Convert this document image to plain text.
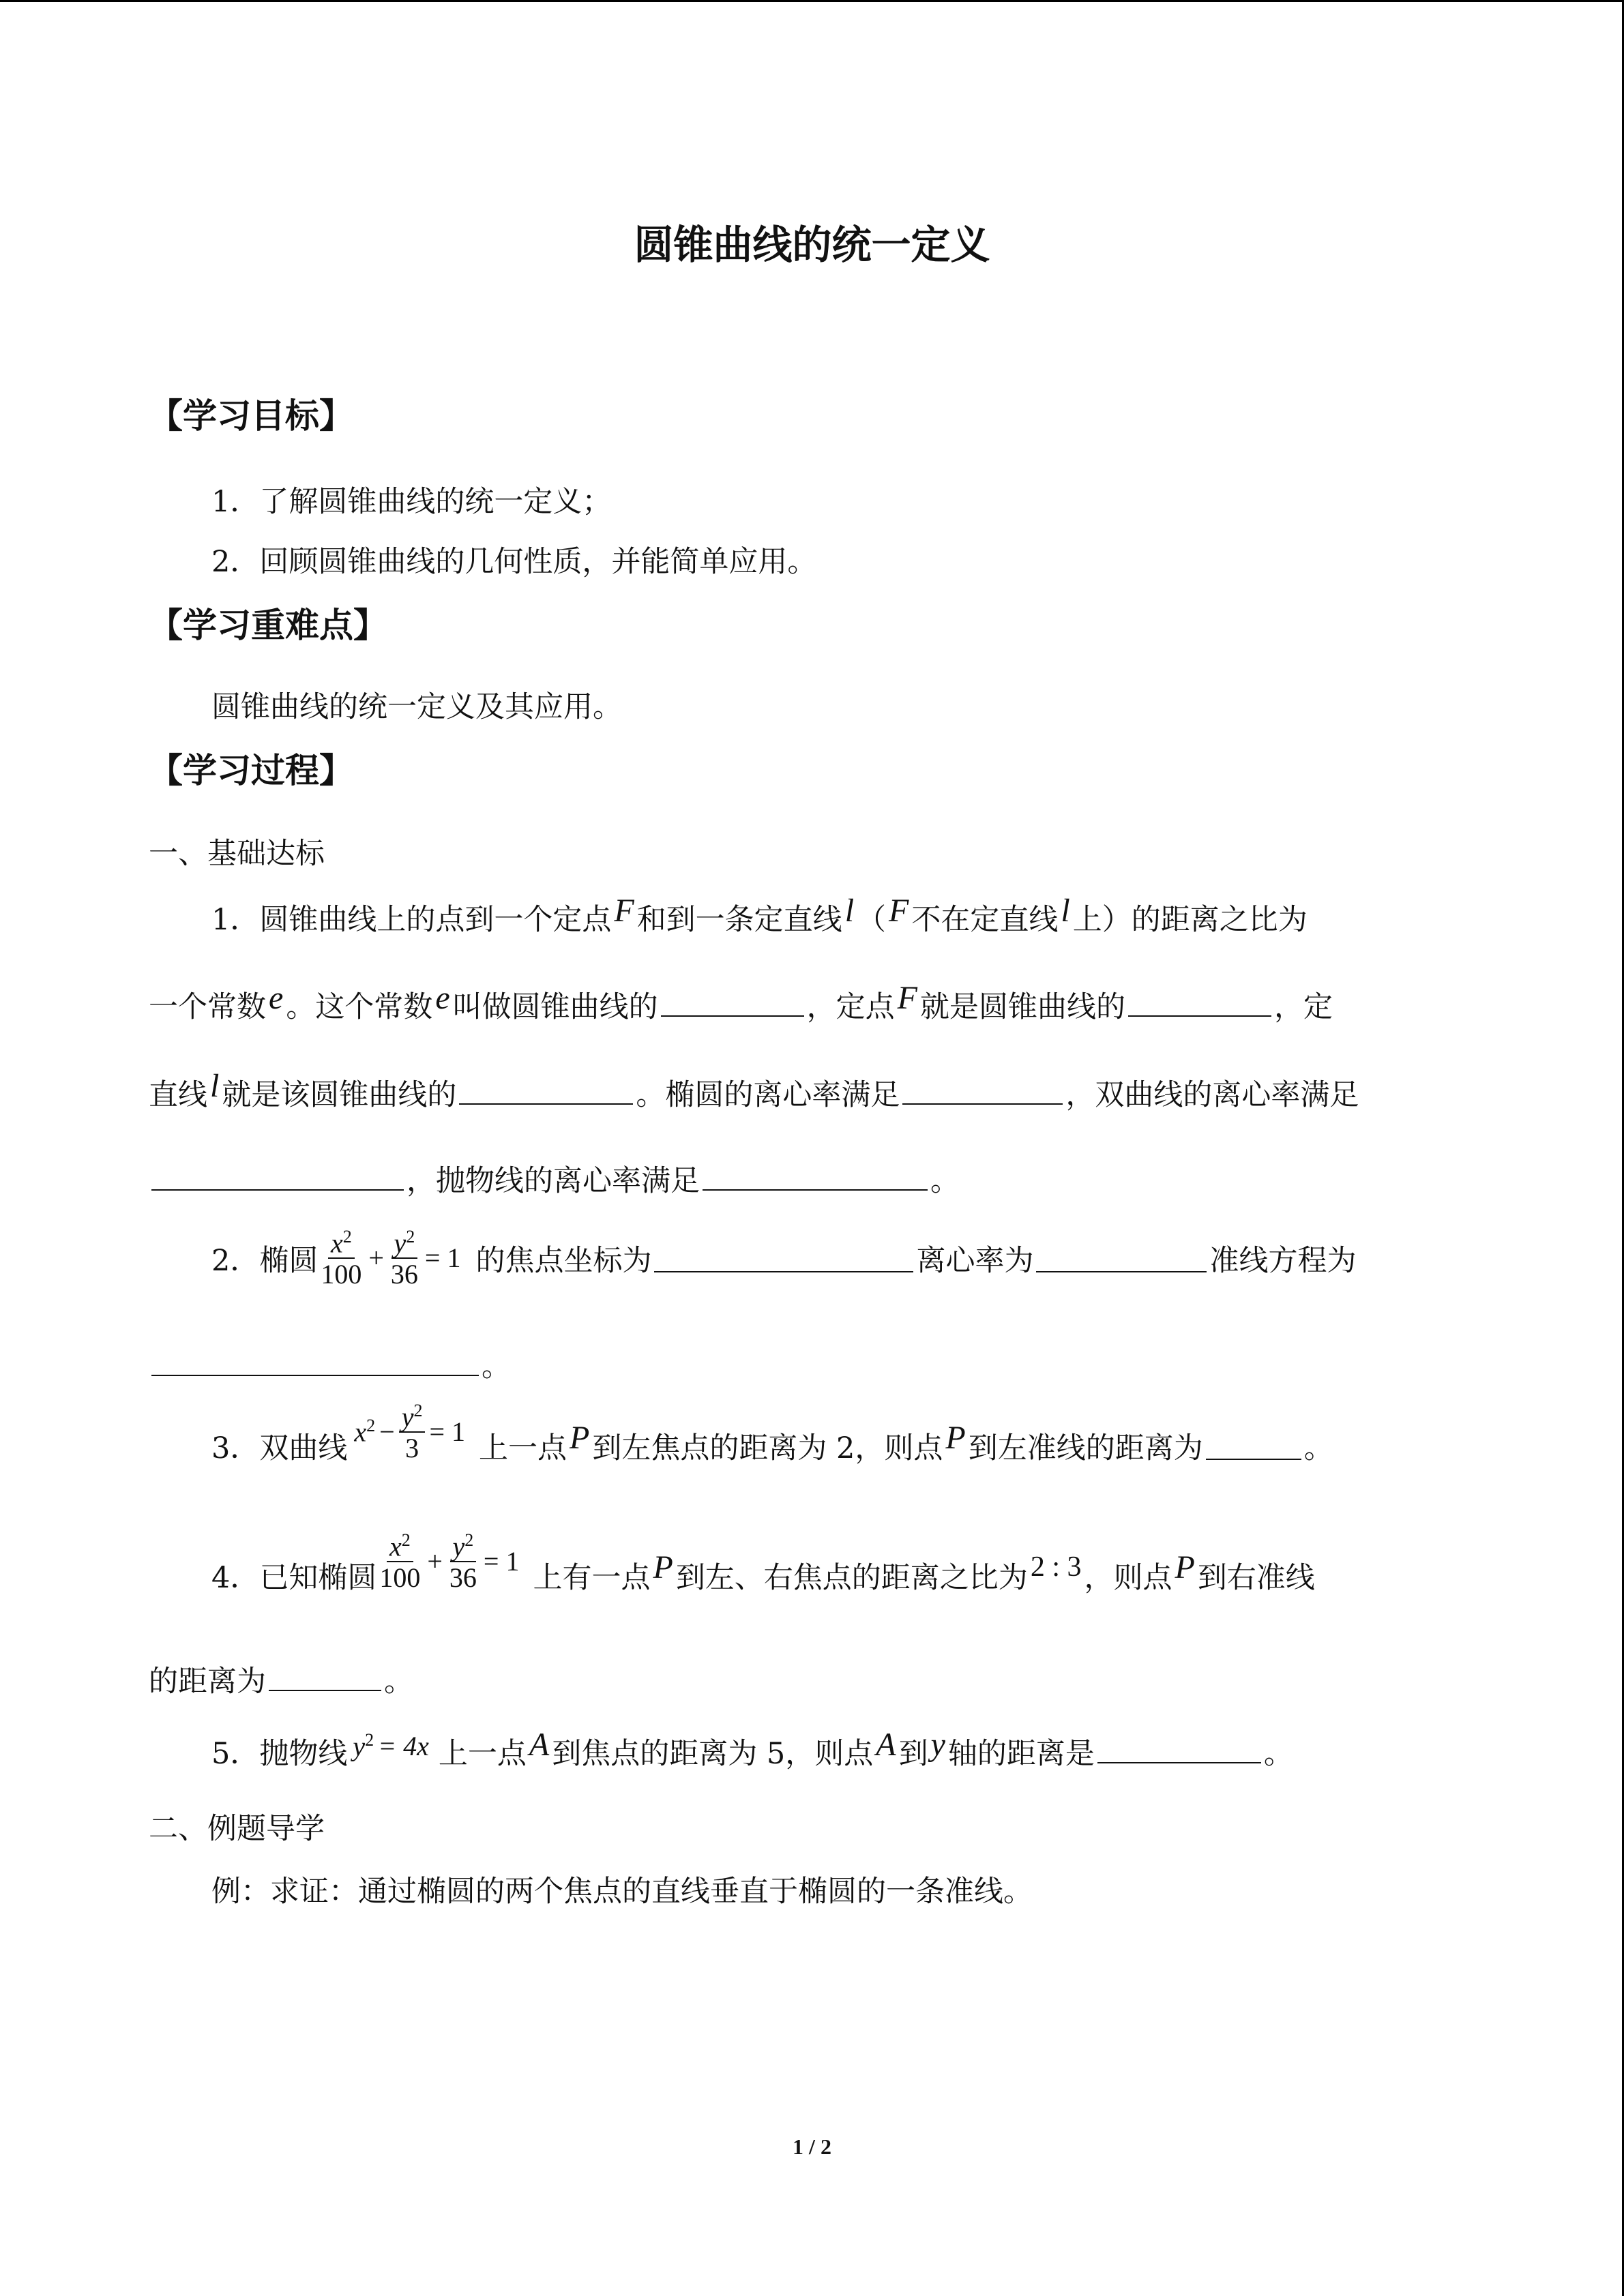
圆锥曲线的统一定义
【学习目标】
1．了解圆锥曲线的统一定义；
2．回顾圆锥曲线的几何性质，并能简单应用。
【学习重难点】
圆锥曲线的统一定义及其应用。
【学习过程】
一、基础达标
1．圆锥曲线上的点到一个定点F和到一条定直线l（F不在定直线l上）的距离之比为
一个常数e。这个常数e叫做圆锥曲线的	，定点F就是圆锥曲线的	，定
直线l就是该圆锥曲线的	。椭圆的离心率满足	，双曲线的离心率满足
，抛物线的离心率满足	。
2．椭圆 $\frac{x^2}{100} + \frac{y^2}{36} = 1$ 的焦点坐标为	离心率为	准线方程为
。
3．双曲线 $x^2 - \frac{y^2}{3} = 1$ 上一点 P 到左焦点的距离为 2，则点 P 到左准线的距离为	。
4．已知椭圆 $\frac{x^2}{100} + \frac{y^2}{36} = 1$ 上有一点 P 到左、右焦点的距离之比为 2 : 3 ，则点 P 到右准线
的距离为	。
5．抛物线 $y^2 = 4x$ 上一点A到焦点的距离为 5，则点A到y轴的距离是	。
二、例题导学
例：求证：通过椭圆的两个焦点的直线垂直于椭圆的一条准线。
1 / 2
